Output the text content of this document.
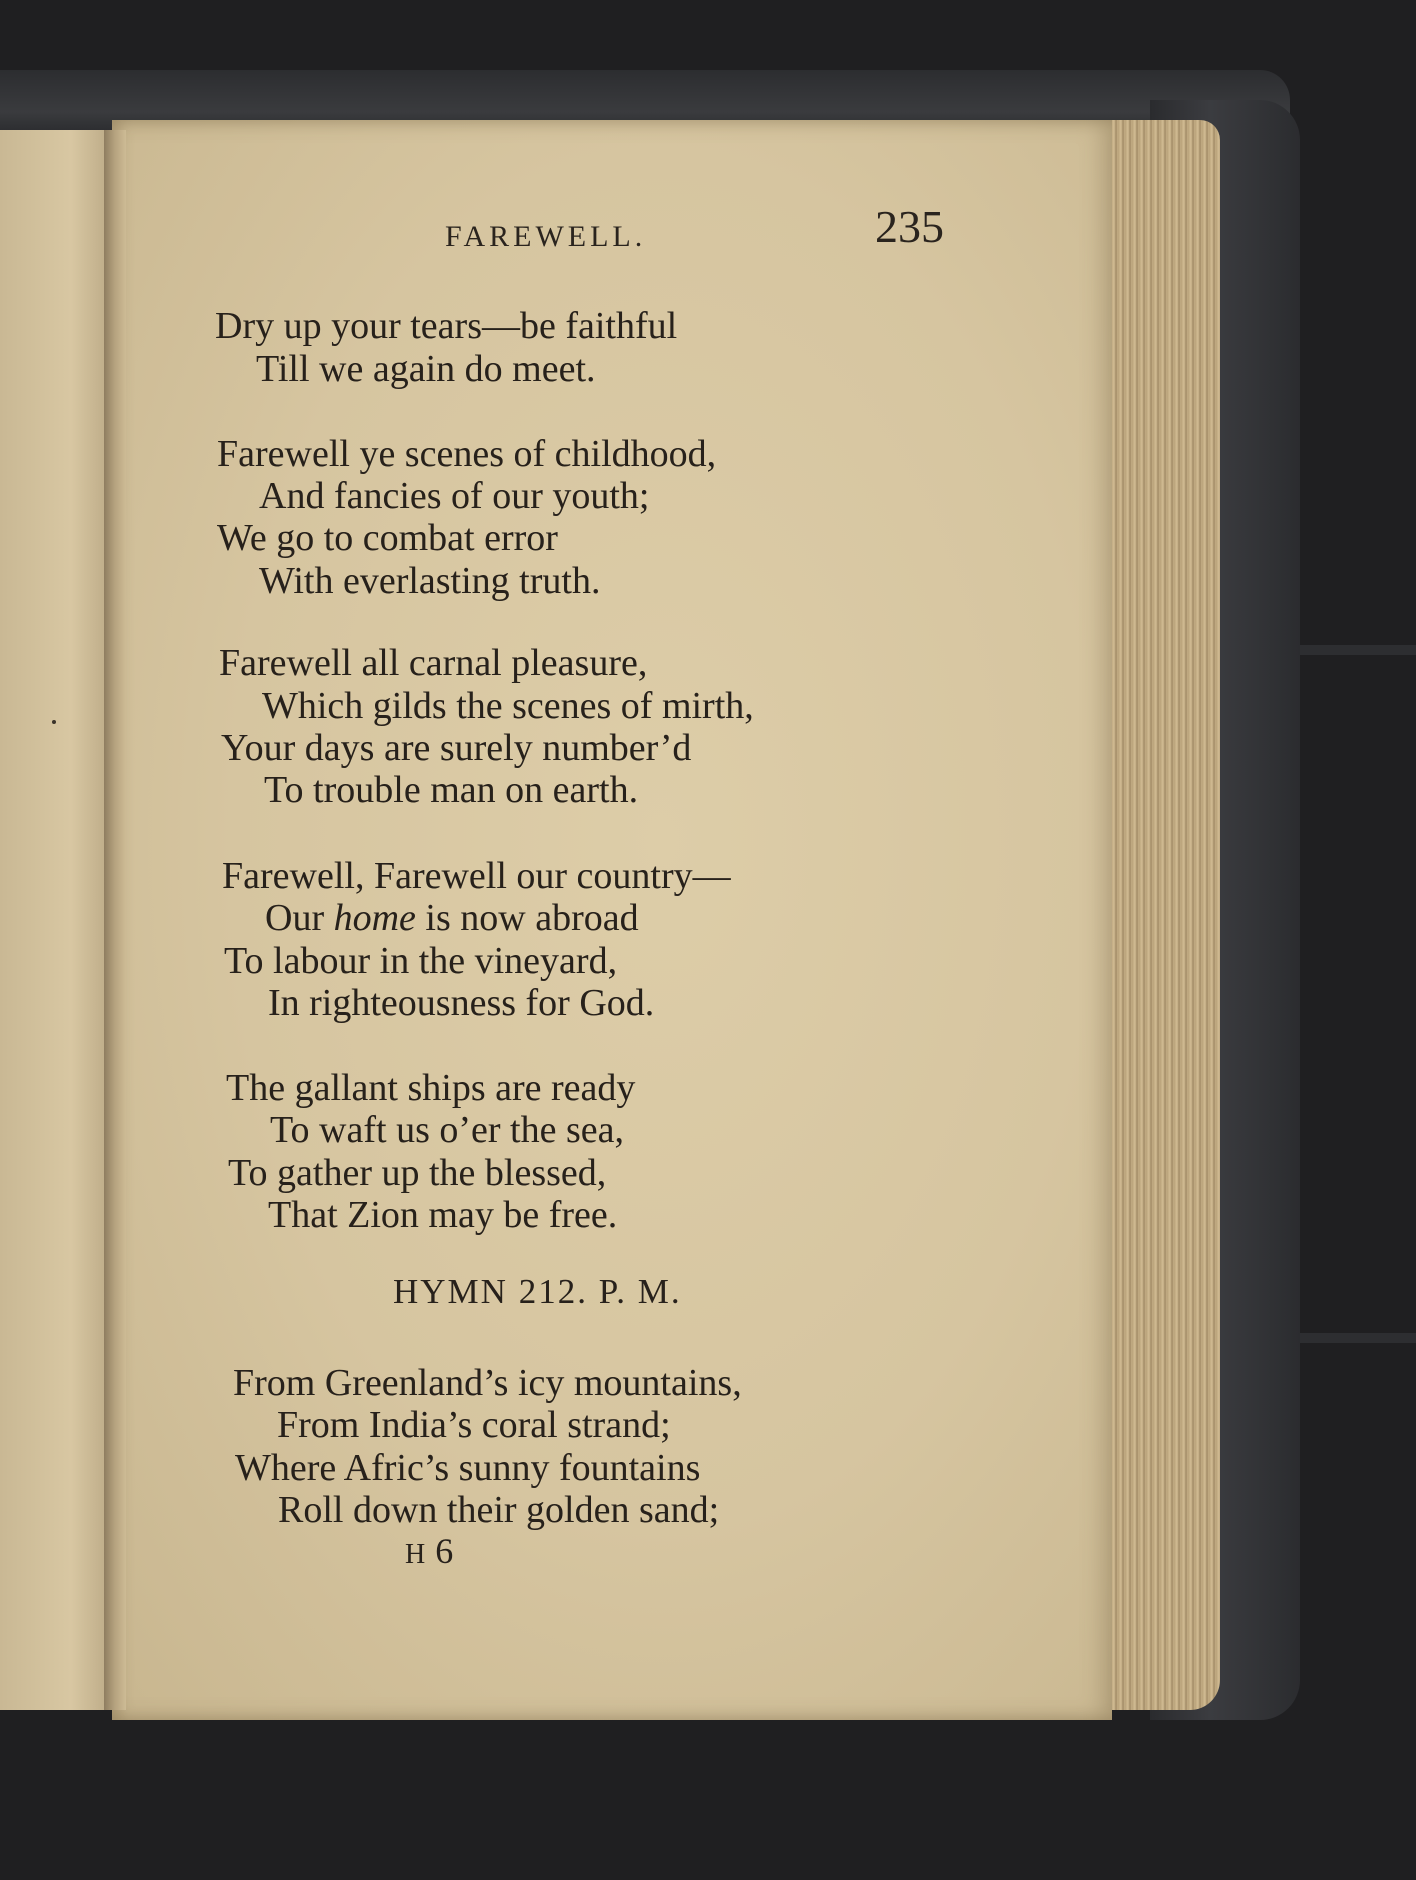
FAREWELL.	235
Dry up your tears—be faithful
Till we again do meet.
Farewell ye scenes of childhood,
And fancies of our youth;
We go to combat error
With everlasting truth.
Farewell all carnal pleasure,
Which gilds the scenes of mirth,
Your days are surely number’d
To trouble man on earth.
Farewell, Farewell our country—
Our home is now abroad
To labour in the vineyard,
In righteousness for God.
The gallant ships are ready
To waft us o’er the sea,
To gather up the blessed,
That Zion may be free.
HYMN 212. P. M.
From Greenland’s icy mountains,
From India’s coral strand;
Where Afric’s sunny fountains
Roll down their golden sand;
H 6
